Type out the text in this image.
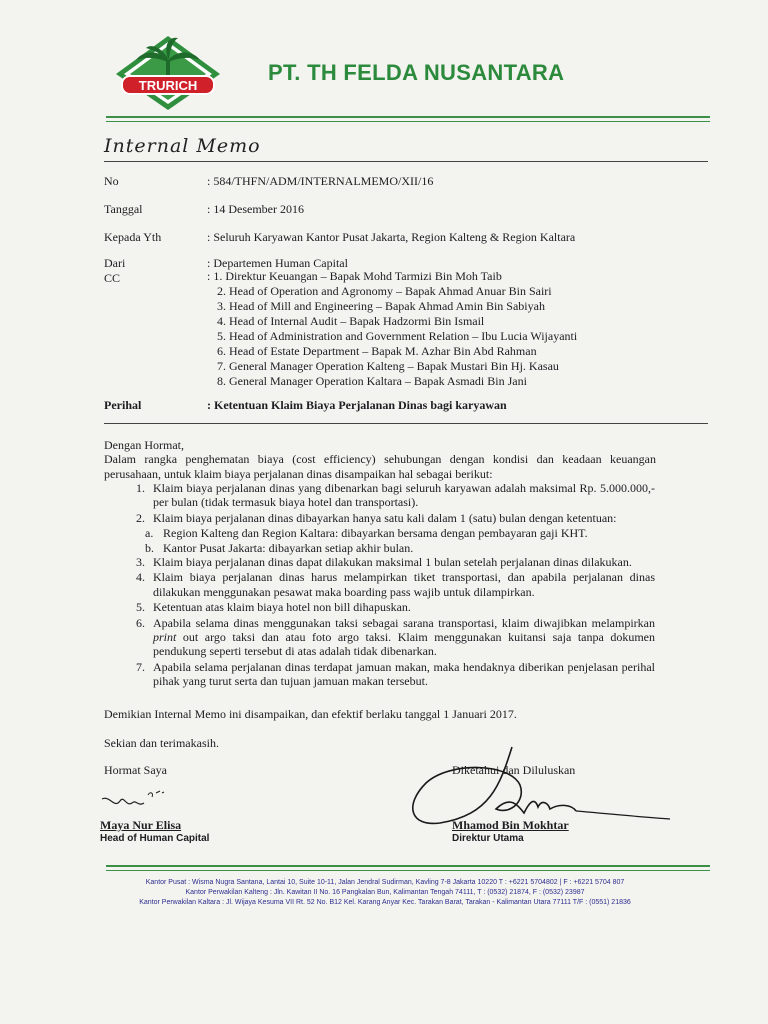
TRURICH
PT. TH FELDA NUSANTARA
Internal Memo
No	: 584/THFN/ADM/INTERNALMEMO/XII/16
Tanggal	: 14 Desember 2016
Kepada Yth	: Seluruh Karyawan Kantor Pusat Jakarta, Region Kalteng & Region Kaltara
Dari	: Departemen Human Capital
CC	: 1. Direktur Keuangan – Bapak Mohd Tarmizi Bin Moh Taib
2. Head of Operation and Agronomy – Bapak Ahmad Anuar Bin Sairi
3. Head of Mill and Engineering – Bapak Ahmad Amin Bin Sabiyah
4. Head of Internal Audit – Bapak Hadzormi Bin Ismail
5. Head of Administration and Government Relation – Ibu Lucia Wijayanti
6. Head of Estate Department – Bapak M. Azhar Bin Abd Rahman
7. General Manager Operation Kalteng – Bapak Mustari Bin Hj. Kasau
8. General Manager Operation Kaltara – Bapak Asmadi Bin Jani
Perihal	: Ketentuan Klaim Biaya Perjalanan Dinas bagi karyawan
Dengan Hormat,
Dalam rangka penghematan biaya (cost efficiency) sehubungan dengan kondisi dan keadaan keuangan perusahaan, untuk klaim biaya perjalanan dinas disampaikan hal sebagai berikut:
1. Klaim biaya perjalanan dinas yang dibenarkan bagi seluruh karyawan adalah maksimal Rp. 5.000.000,- per bulan (tidak termasuk biaya hotel dan transportasi).
2. Klaim biaya perjalanan dinas dibayarkan hanya satu kali dalam 1 (satu) bulan dengan ketentuan:
a. Region Kalteng dan Region Kaltara: dibayarkan bersama dengan pembayaran gaji KHT.
b. Kantor Pusat Jakarta: dibayarkan setiap akhir bulan.
3. Klaim biaya perjalanan dinas dapat dilakukan maksimal 1 bulan setelah perjalanan dinas dilakukan.
4. Klaim biaya perjalanan dinas harus melampirkan tiket transportasi, dan apabila perjalanan dinas dilakukan menggunakan pesawat maka boarding pass wajib untuk dilampirkan.
5. Ketentuan atas klaim biaya hotel non bill dihapuskan.
6. Apabila selama dinas menggunakan taksi sebagai sarana transportasi, klaim diwajibkan melampirkan print out argo taksi dan atau foto argo taksi. Klaim menggunakan kuitansi saja tanpa dokumen pendukung seperti tersebut di atas adalah tidak dibenarkan.
7. Apabila selama perjalanan dinas terdapat jamuan makan, maka hendaknya diberikan penjelasan perihal pihak yang turut serta dan tujuan jamuan makan tersebut.
Demikian Internal Memo ini disampaikan, dan efektif berlaku tanggal 1 Januari 2017.
Sekian dan terimakasih.
Hormat Saya	Diketahui dan Diluluskan
Maya Nur Elisa
Head of Human Capital
Mhamod Bin Mokhtar
Direktur Utama
Kantor Pusat : Wisma Nugra Santana, Lantai 10, Suite 10-11, Jalan Jendral Sudirman, Kavling 7-8 Jakarta 10220 T : +6221 5704802 | F : +6221 5704 807
Kantor Perwakilan Kalteng : Jln. Kawitan II No. 16 Pangkalan Bun, Kalimantan Tengah 74111, T : (0532) 21874, F : (0532) 23987
Kantor Perwakilan Kaltara : Jl. Wijaya Kesuma VII Rt. 52 No. B12 Kel. Karang Anyar Kec. Tarakan Barat, Tarakan - Kalimantan Utara 77111 T/F : (0551) 21836
